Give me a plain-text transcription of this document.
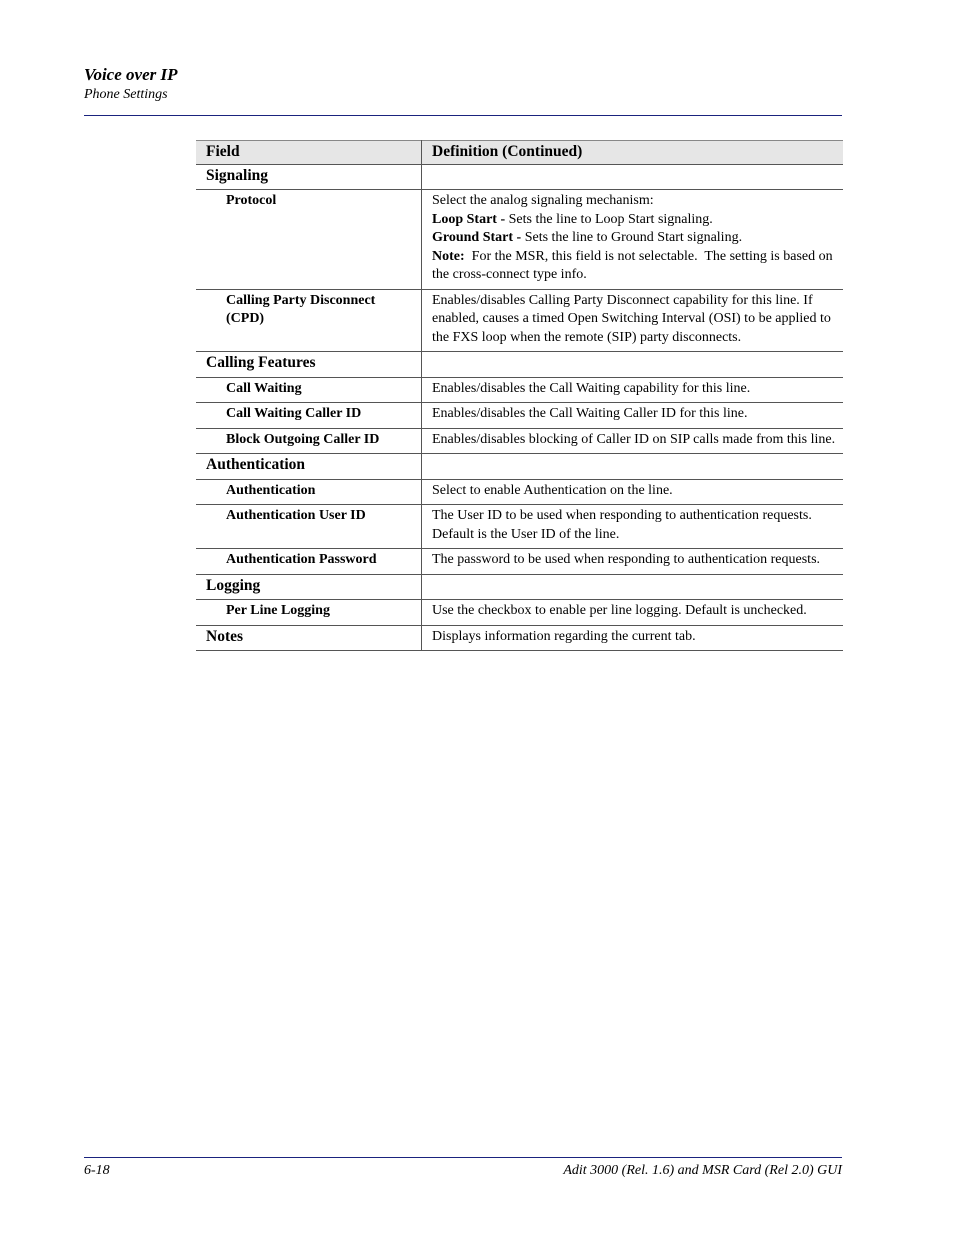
Voice over IP
Phone Settings
Field	Definition (Continued)
Signaling	
Protocol	Select the analog signaling mechanism:
Loop Start - Sets the line to Loop Start signaling.
Ground Start - Sets the line to Ground Start signaling.
Note:  For the MSR, this field is not selectable.  The setting is based on the cross-connect type info.

Calling Party Disconnect (CPD)	Enables/disables Calling Party Disconnect capability for this line. If enabled, causes a timed Open Switching Interval (OSI) to be applied to the FXS loop when the remote (SIP) party disconnects.
Calling Features	
Call Waiting	Enables/disables the Call Waiting capability for this line.
Call Waiting Caller ID	Enables/disables the Call Waiting Caller ID for this line.
Block Outgoing Caller ID	Enables/disables blocking of Caller ID on SIP calls made from this line.
Authentication	
Authentication	Select to enable Authentication on the line.
Authentication User ID	The User ID to be used when responding to authentication requests. Default is the User ID of the line.
Authentication Password	The password to be used when responding to authentication requests.
Logging	
Per Line Logging	Use the checkbox to enable per line logging. Default is unchecked.
Notes	Displays information regarding the current tab.
6-18	Adit 3000 (Rel. 1.6) and MSR Card (Rel 2.0) GUI
